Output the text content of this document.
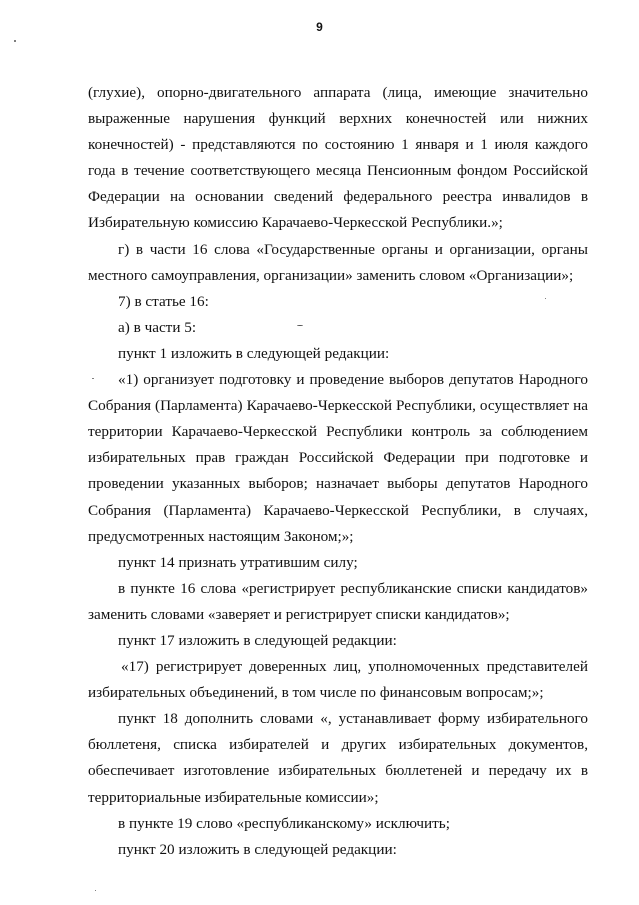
9

(глухие), опорно-двигательного аппарата (лица, имеющие значительно выраженные нарушения функций верхних конечностей или нижних конечностей) - представляются по состоянию 1 января и 1 июля каждого года в течение соответствующего месяца Пенсионным фондом Российской Федерации на основании сведений федерального реестра инвалидов в Избирательную комиссию Карачаево-Черкесской Республики.»;

г) в части 16 слова «Государственные органы и организации, органы местного самоуправления, организации» заменить словом «Организации»;

7) в статье 16:

а) в части 5:

пункт 1 изложить в следующей редакции:

«1) организует подготовку и проведение выборов депутатов Народного Собрания (Парламента) Карачаево-Черкесской Республики, осуществляет на территории Карачаево-Черкесской Республики контроль за соблюдением избирательных прав граждан Российской Федерации при подготовке и проведении указанных выборов; назначает выборы депутатов Народного Собрания (Парламента) Карачаево-Черкесской Республики, в случаях, предусмотренных настоящим Законом;»;

пункт 14 признать утратившим силу;

в пункте 16 слова «регистрирует республиканские списки кандидатов» заменить словами «заверяет и регистрирует списки кандидатов»;

пункт 17 изложить в следующей редакции:

«17) регистрирует доверенных лиц, уполномоченных представителей избирательных объединений, в том числе по финансовым вопросам;»;

пункт 18 дополнить словами «, устанавливает форму избирательного бюллетеня, списка избирателей и других избирательных документов, обеспечивает изготовление избирательных бюллетеней и передачу их в территориальные избирательные комиссии»;

в пункте 19 слово «республиканскому» исключить;

пункт 20 изложить в следующей редакции:
